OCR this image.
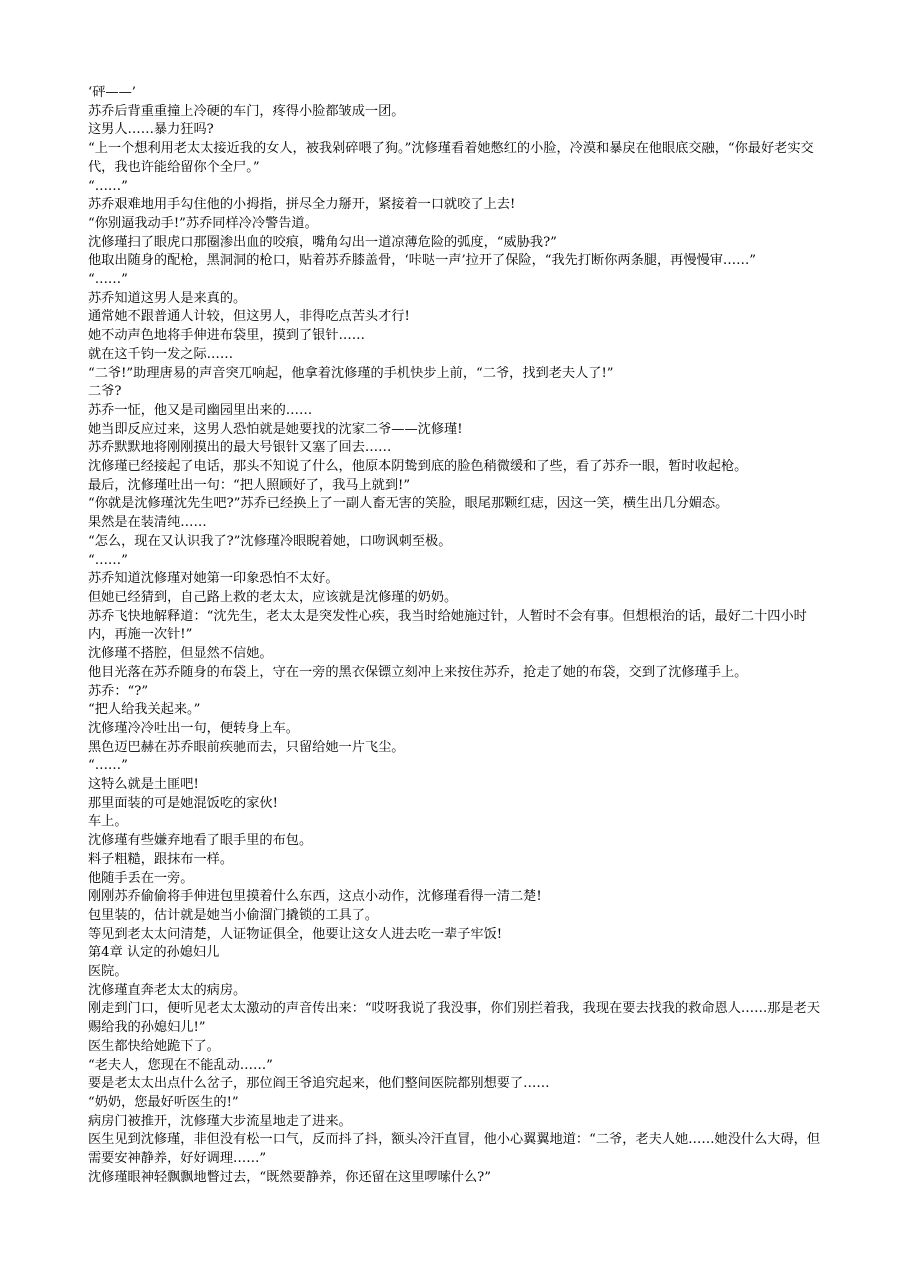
‘砰——’

苏乔后背重重撞上冷硬的车门，疼得小脸都皱成一团。

这男人……暴力狂吗?

“上一个想利用老太太接近我的女人，被我剁碎喂了狗。”沈修瑾看着她憋红的小脸，冷漠和暴戾在他眼底交融，“你最好老实交代，我也许能给留你个全尸。”

“……”

苏乔艰难地用手勾住他的小拇指，拼尽全力掰开，紧接着一口就咬了上去!

“你别逼我动手!”苏乔同样冷冷警告道。

沈修瑾扫了眼虎口那圈渗出血的咬痕，嘴角勾出一道凉薄危险的弧度，“威胁我?”

他取出随身的配枪，黑洞洞的枪口，贴着苏乔膝盖骨，‘咔哒一声’拉开了保险，“我先打断你两条腿，再慢慢审……”

“……”

苏乔知道这男人是来真的。

通常她不跟普通人计较，但这男人，非得吃点苦头才行!

她不动声色地将手伸进布袋里，摸到了银针……

就在这千钧一发之际……

“二爷!”助理唐易的声音突兀响起，他拿着沈修瑾的手机快步上前，“二爷，找到老夫人了!”

二爷?

苏乔一怔，他又是司幽园里出来的……

她当即反应过来，这男人恐怕就是她要找的沈家二爷——沈修瑾!

苏乔默默地将刚刚摸出的最大号银针又塞了回去……

沈修瑾已经接起了电话，那头不知说了什么，他原本阴鸷到底的脸色稍微缓和了些，看了苏乔一眼，暂时收起枪。

最后，沈修瑾吐出一句：“把人照顾好了，我马上就到!”

“你就是沈修瑾沈先生吧?”苏乔已经换上了一副人畜无害的笑脸，眼尾那颗红痣，因这一笑，横生出几分媚态。

果然是在装清纯……

“怎么，现在又认识我了?”沈修瑾冷眼睨着她，口吻讽刺至极。

“……”

苏乔知道沈修瑾对她第一印象恐怕不太好。

但她已经猜到，自己路上救的老太太，应该就是沈修瑾的奶奶。

苏乔飞快地解释道：“沈先生，老太太是突发性心疾，我当时给她施过针，人暂时不会有事。但想根治的话，最好二十四小时内，再施一次针!”

沈修瑾不搭腔，但显然不信她。

他目光落在苏乔随身的布袋上，守在一旁的黑衣保镖立刻冲上来按住苏乔，抢走了她的布袋，交到了沈修瑾手上。

苏乔：“?”

“把人给我关起来。”

沈修瑾冷冷吐出一句，便转身上车。

黑色迈巴赫在苏乔眼前疾驰而去，只留给她一片飞尘。

“……”

这特么就是土匪吧!

那里面装的可是她混饭吃的家伙!

车上。

沈修瑾有些嫌弃地看了眼手里的布包。

料子粗糙，跟抹布一样。

他随手丢在一旁。

刚刚苏乔偷偷将手伸进包里摸着什么东西，这点小动作，沈修瑾看得一清二楚!

包里装的，估计就是她当小偷溜门撬锁的工具了。

等见到老太太问清楚，人证物证俱全，他要让这女人进去吃一辈子牢饭!

第4章 认定的孙媳妇儿

医院。

沈修瑾直奔老太太的病房。

刚走到门口，便听见老太太激动的声音传出来：“哎呀我说了我没事，你们别拦着我，我现在要去找我的救命恩人……那是老天赐给我的孙媳妇儿!”

医生都快给她跪下了。

“老夫人，您现在不能乱动……”

要是老太太出点什么岔子，那位阎王爷追究起来，他们整间医院都别想要了……

“奶奶，您最好听医生的!”

病房门被推开，沈修瑾大步流星地走了进来。

医生见到沈修瑾，非但没有松一口气，反而抖了抖，额头冷汗直冒，他小心翼翼地道：“二爷，老夫人她……她没什么大碍，但需要安神静养，好好调理……”

沈修瑾眼神轻飘飘地瞥过去，“既然要静养，你还留在这里啰嗦什么?”
